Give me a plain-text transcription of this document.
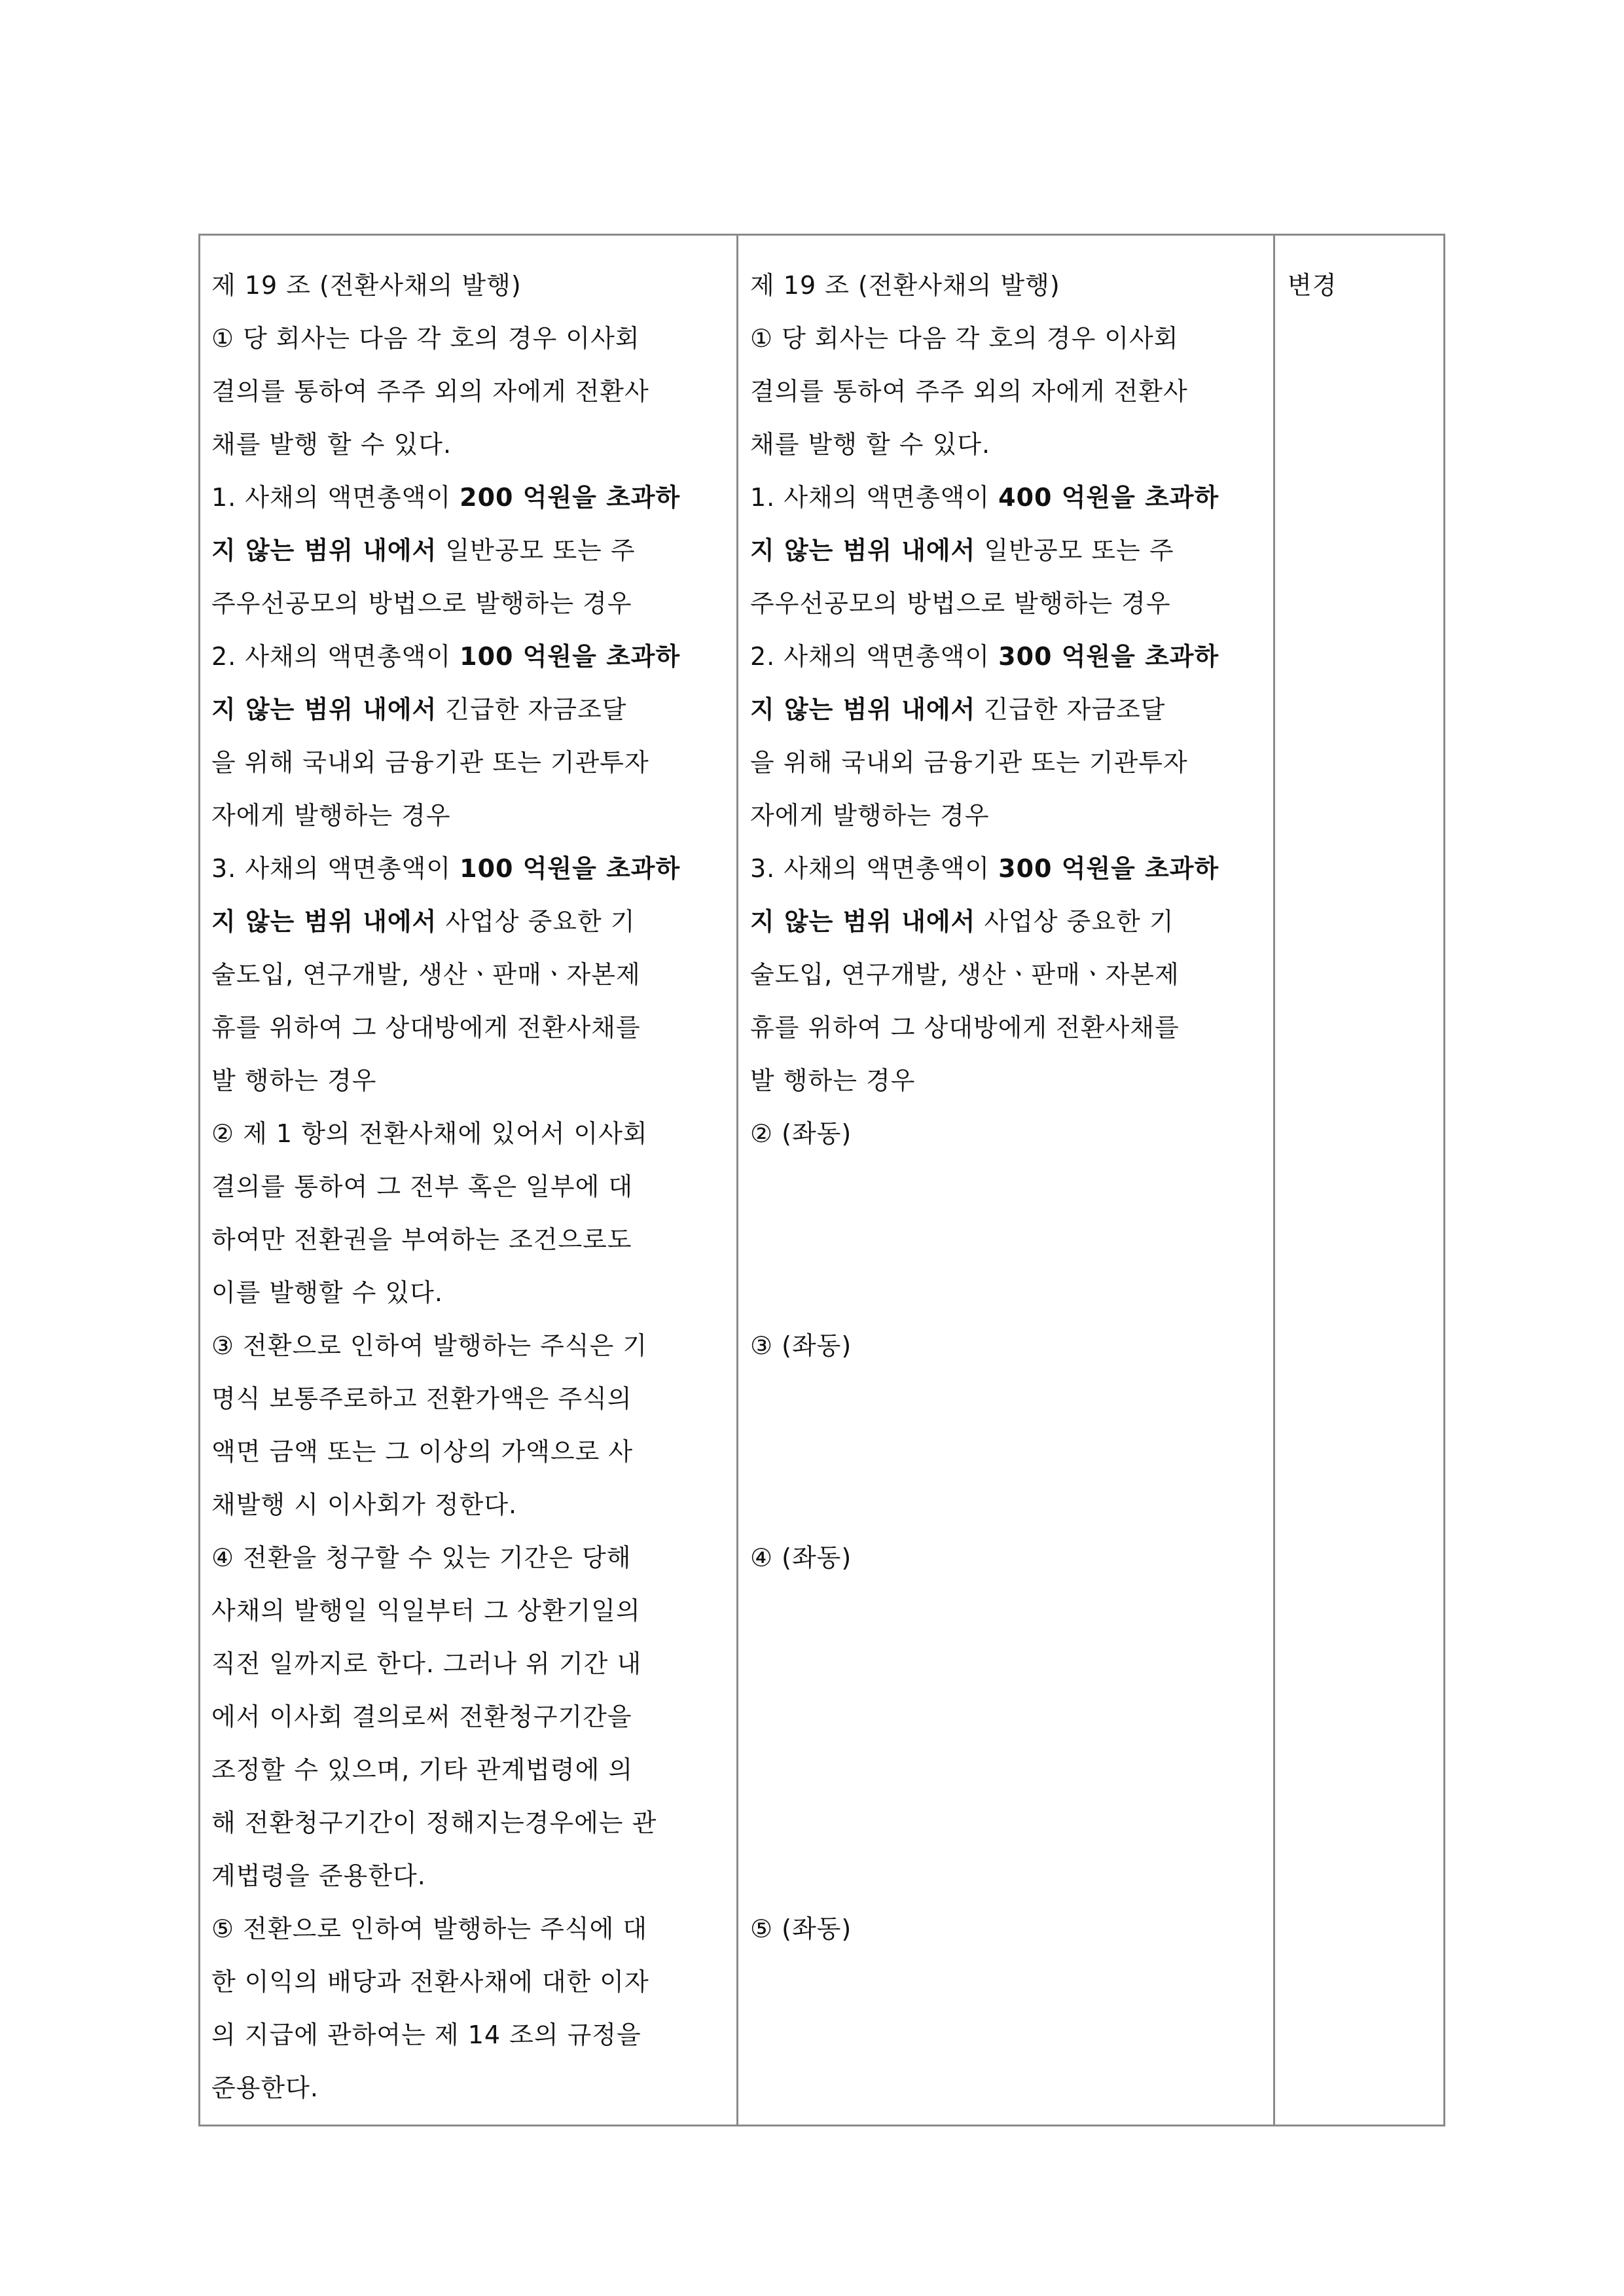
제 19 조 (전환사채의 발행)
① 당 회사는 다음 각 호의 경우 이사회
결의를 통하여 주주 외의 자에게 전환사
채를 발행 할 수 있다.
1. 사채의 액면총액이 200 억원을 초과하
지 않는 범위 내에서 일반공모 또는 주
주우선공모의 방법으로 발행하는 경우
2. 사채의 액면총액이 100 억원을 초과하
지 않는 범위 내에서 긴급한 자금조달
을 위해 국내외 금융기관 또는 기관투자
자에게 발행하는 경우
3. 사채의 액면총액이 100 억원을 초과하
지 않는 범위 내에서 사업상 중요한 기
술도입, 연구개발, 생산ㆍ판매ㆍ자본제
휴를 위하여 그 상대방에게 전환사채를
발 행하는 경우
② 제 1 항의 전환사채에 있어서 이사회
결의를 통하여 그 전부 혹은 일부에 대
하여만 전환권을 부여하는 조건으로도
이를 발행할 수 있다.
③ 전환으로 인하여 발행하는 주식은 기
명식 보통주로하고 전환가액은 주식의
액면 금액 또는 그 이상의 가액으로 사
채발행 시 이사회가 정한다.
④ 전환을 청구할 수 있는 기간은 당해
사채의 발행일 익일부터 그 상환기일의
직전 일까지로 한다. 그러나 위 기간 내
에서 이사회 결의로써 전환청구기간을
조정할 수 있으며, 기타 관계법령에 의
해 전환청구기간이 정해지는경우에는 관
계법령을 준용한다.
⑤ 전환으로 인하여 발행하는 주식에 대
한 이익의 배당과 전환사채에 대한 이자
의 지급에 관하여는 제 14 조의 규정을
준용한다.
제 19 조 (전환사채의 발행)
① 당 회사는 다음 각 호의 경우 이사회
결의를 통하여 주주 외의 자에게 전환사
채를 발행 할 수 있다.
1. 사채의 액면총액이 400 억원을 초과하
지 않는 범위 내에서 일반공모 또는 주
주우선공모의 방법으로 발행하는 경우
2. 사채의 액면총액이 300 억원을 초과하
지 않는 범위 내에서 긴급한 자금조달
을 위해 국내외 금융기관 또는 기관투자
자에게 발행하는 경우
3. 사채의 액면총액이 300 억원을 초과하
지 않는 범위 내에서 사업상 중요한 기
술도입, 연구개발, 생산ㆍ판매ㆍ자본제
휴를 위하여 그 상대방에게 전환사채를
발 행하는 경우
② (좌동)
③ (좌동)
④ (좌동)
⑤ (좌동)
변경
